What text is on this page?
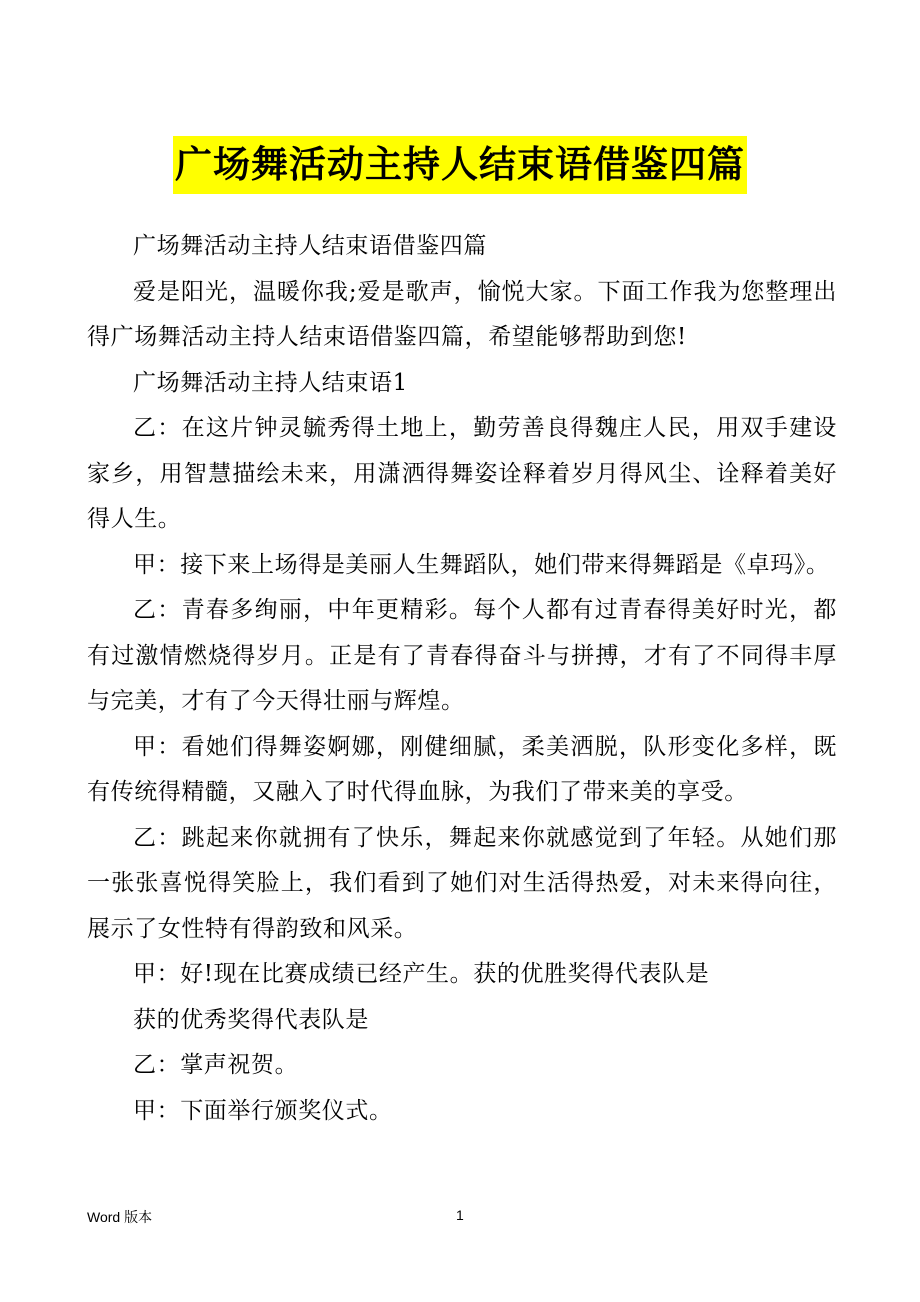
广场舞活动主持人结束语借鉴四篇

广场舞活动主持人结束语借鉴四篇

爱是阳光，温暖你我;爱是歌声，愉悦大家。下面工作我为您整理出得广场舞活动主持人结束语借鉴四篇，希望能够帮助到您!

广场舞活动主持人结束语1

乙：在这片钟灵毓秀得土地上，勤劳善良得魏庄人民，用双手建设家乡，用智慧描绘未来，用潇洒得舞姿诠释着岁月得风尘、诠释着美好得人生。

甲：接下来上场得是美丽人生舞蹈队，她们带来得舞蹈是《卓玛》。

乙：青春多绚丽，中年更精彩。每个人都有过青春得美好时光，都有过激情燃烧得岁月。正是有了青春得奋斗与拼搏，才有了不同得丰厚与完美，才有了今天得壮丽与辉煌。

甲：看她们得舞姿婀娜，刚健细腻，柔美洒脱，队形变化多样，既有传统得精髓，又融入了时代得血脉，为我们了带来美的享受。

乙：跳起来你就拥有了快乐，舞起来你就感觉到了年轻。从她们那一张张喜悦得笑脸上，我们看到了她们对生活得热爱，对未来得向往，展示了女性特有得韵致和风采。

甲：好!现在比赛成绩已经产生。获的优胜奖得代表队是

获的优秀奖得代表队是

乙：掌声祝贺。

甲：下面举行颁奖仪式。

Word 版本	1
